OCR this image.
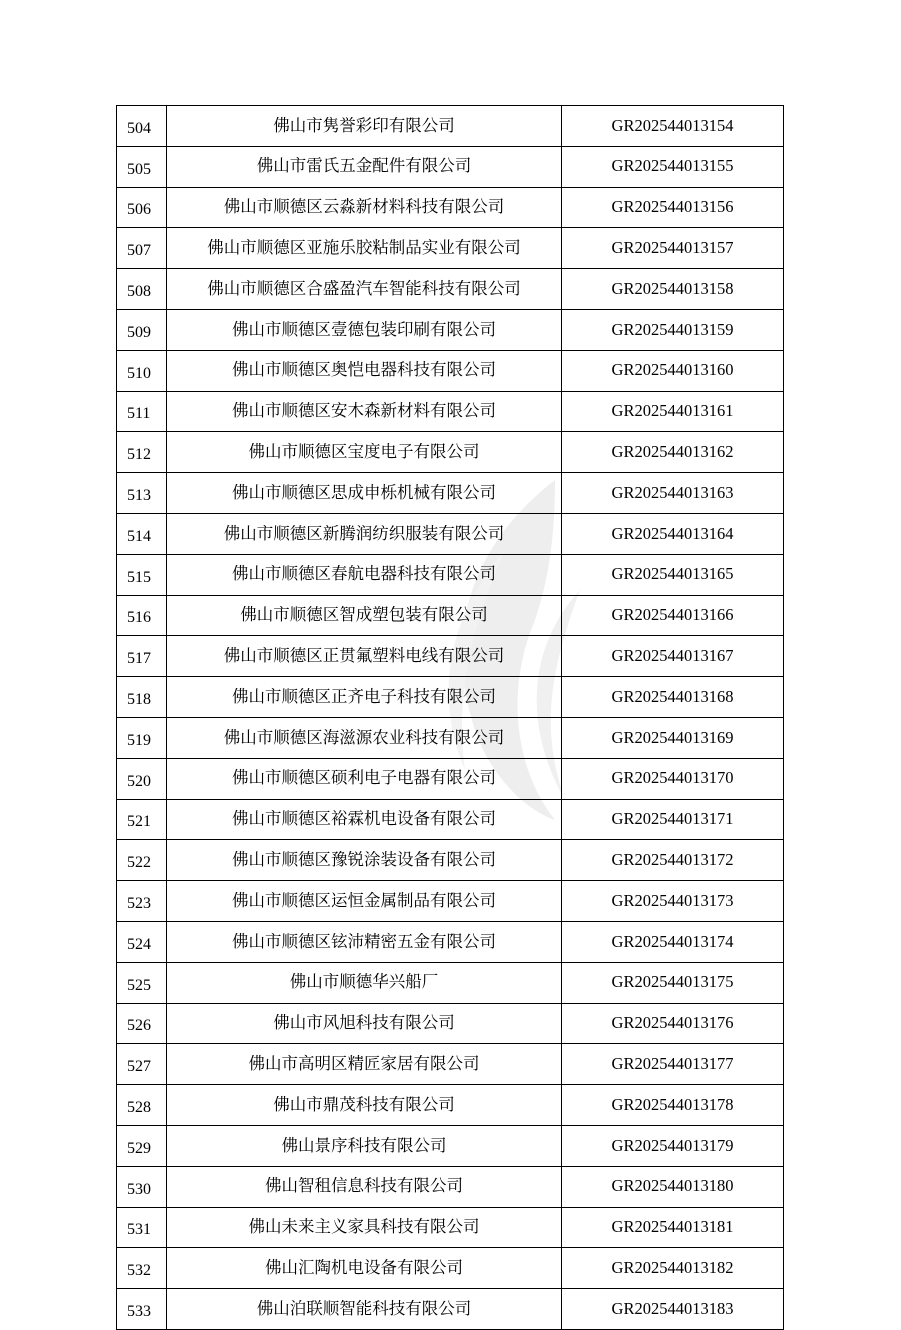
504	佛山市隽誉彩印有限公司	GR202544013154
505	佛山市雷氏五金配件有限公司	GR202544013155
506	佛山市顺德区云淼新材料科技有限公司	GR202544013156
507	佛山市顺德区亚施乐胶粘制品实业有限公司	GR202544013157
508	佛山市顺德区合盛盈汽车智能科技有限公司	GR202544013158
509	佛山市顺德区壹德包装印刷有限公司	GR202544013159
510	佛山市顺德区奥恺电器科技有限公司	GR202544013160
511	佛山市顺德区安木森新材料有限公司	GR202544013161
512	佛山市顺德区宝度电子有限公司	GR202544013162
513	佛山市顺德区思成申栎机械有限公司	GR202544013163
514	佛山市顺德区新腾润纺织服装有限公司	GR202544013164
515	佛山市顺德区春航电器科技有限公司	GR202544013165
516	佛山市顺德区智成塑包装有限公司	GR202544013166
517	佛山市顺德区正贯氟塑料电线有限公司	GR202544013167
518	佛山市顺德区正齐电子科技有限公司	GR202544013168
519	佛山市顺德区海滋源农业科技有限公司	GR202544013169
520	佛山市顺德区硕利电子电器有限公司	GR202544013170
521	佛山市顺德区裕霖机电设备有限公司	GR202544013171
522	佛山市顺德区豫锐涂装设备有限公司	GR202544013172
523	佛山市顺德区运恒金属制品有限公司	GR202544013173
524	佛山市顺德区铉沛精密五金有限公司	GR202544013174
525	佛山市顺德华兴船厂	GR202544013175
526	佛山市风旭科技有限公司	GR202544013176
527	佛山市高明区精匠家居有限公司	GR202544013177
528	佛山市鼎茂科技有限公司	GR202544013178
529	佛山景序科技有限公司	GR202544013179
530	佛山智租信息科技有限公司	GR202544013180
531	佛山未来主义家具科技有限公司	GR202544013181
532	佛山汇陶机电设备有限公司	GR202544013182
533	佛山泊联顺智能科技有限公司	GR202544013183
